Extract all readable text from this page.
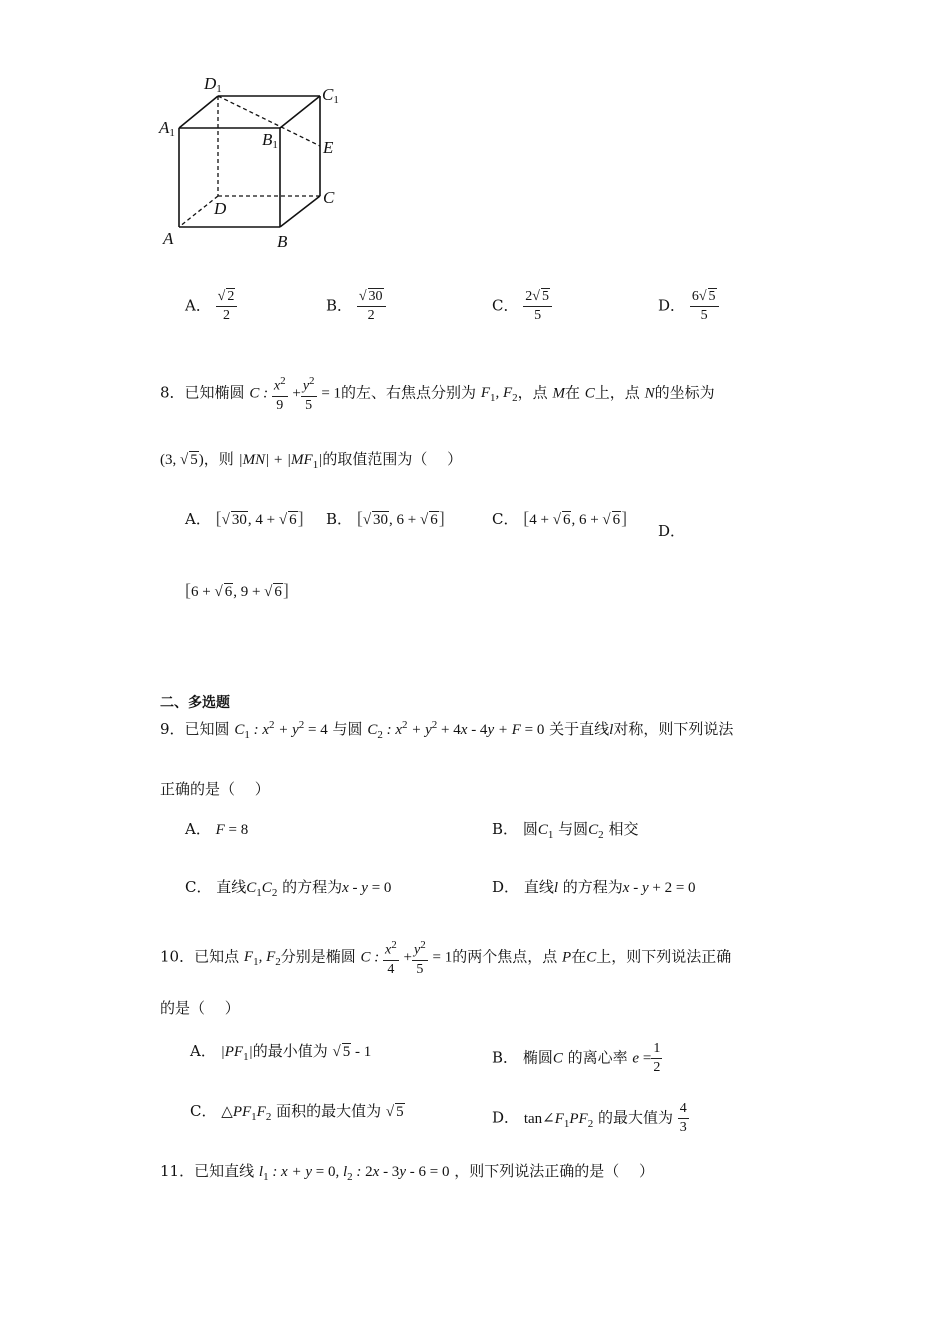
D1	C1
A1	B1	E
D
C
A	B
A． $\frac{√ 2}{2}$	B． $\frac{√ 30}{2}$	C． $\frac{2√ 5}{5}$	D． $\frac{6√ 5}{5}$
8．已知椭圆 C : $\frac{x^2}{9} + \frac{y^2}{5} = 1$的左、右焦点分别为 $F_1$, $F_2$，点 M在 C上，点 N的坐标为
(3, √ 5)，则 $|MN| + |MF_1|$的取值范围为（　 ）
A． [√ 30, 4 + √ 6] B． [√ 30, 6 + √ 6]	C． [4 + √ 6, 6 + √ 6]
D．
[6 + √ 6, 9 + √ 6]
二、多选题
9．已知圆 $C_1$ : $x^2 + y^2 = 4$ 与圆 $C_2$ : $x^2 + y^2 + 4x - 4y + F = 0$ 关于直线l对称，则下列说法
正确的是（　 ）
A． F = 8	B． 圆$C_1$ 与圆$C_2$ 相交
C． 直线$C_1C_2$ 的方程为x - y = 0	D． 直线l 的方程为x - y + 2 = 0
10．已知点 $F_1$, $F_2$分别是椭圆 C : $\frac{x^2}{4} + \frac{y^2}{5} = 1$的两个焦点，点 P在C上，则下列说法正确
的是（　 ）
A． $|PF_1|$的最小值为 √ 5 - 1	B． 椭圆C 的离心率 $e = \frac{1}{2}$
C． $\triangle PF_1F_2$ 面积的最大值为 √ 5	D． $\tan\angle F_1PF_2$ 的最大值为 $\frac{4}{3}$
11．已知直线 $l_1$ : x + y = 0, $l_2$ : 2x - 3y - 6 = 0 ，则下列说法正确的是（　 ）
